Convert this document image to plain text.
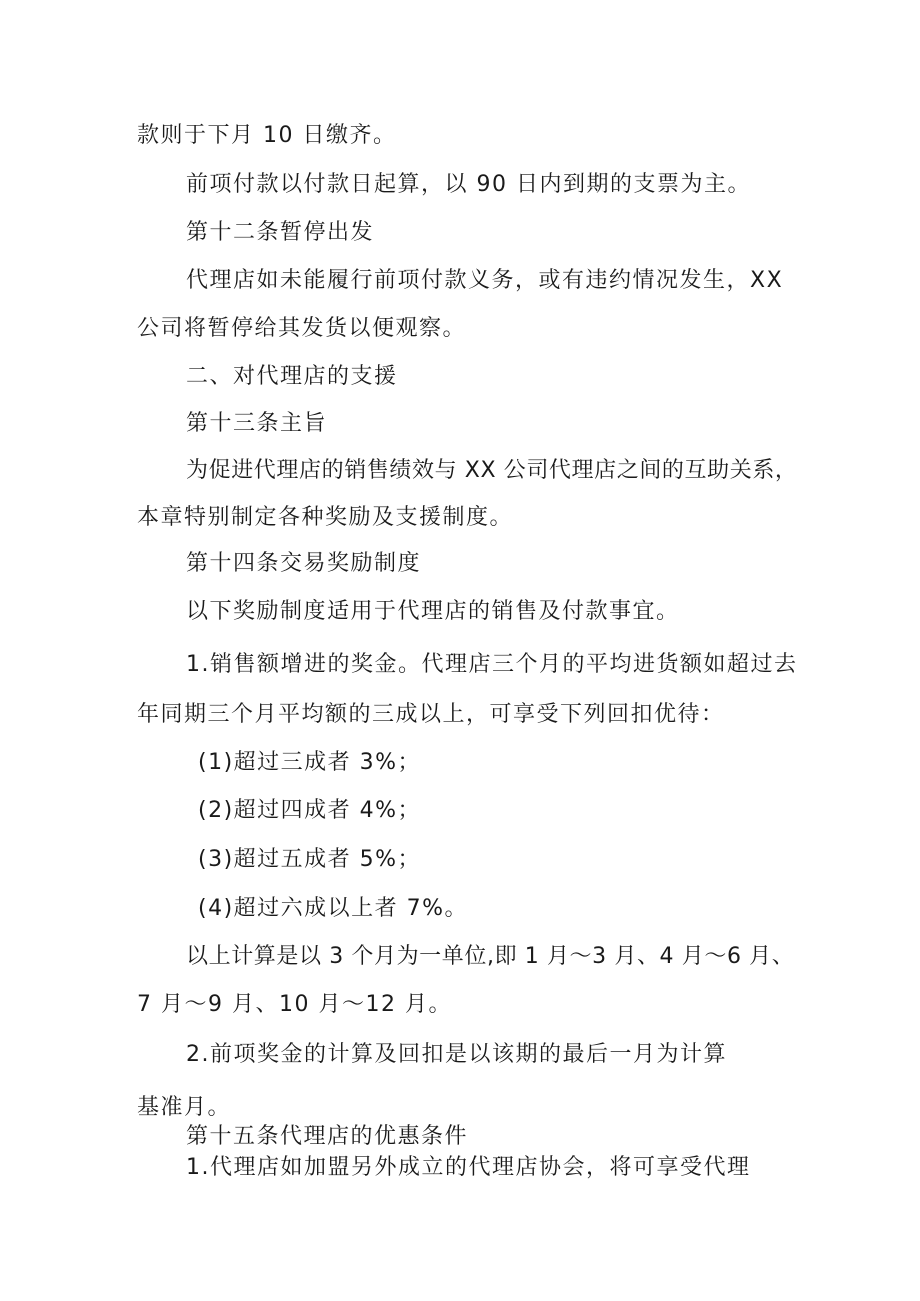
款则于下月 10 日缴齐。

前项付款以付款日起算，以 90 日内到期的支票为主。

第十二条暂停出发

代理店如未能履行前项付款义务，或有违约情况发生，XX

公司将暂停给其发货以便观察。

二、对代理店的支援

第十三条主旨

为促进代理店的销售绩效与 XX 公司代理店之间的互助关系，

本章特别制定各种奖励及支援制度。

第十四条交易奖励制度

以下奖励制度适用于代理店的销售及付款事宜。

1.销售额增进的奖金。代理店三个月的平均进货额如超过去

年同期三个月平均额的三成以上，可享受下列回扣优待：

(1)超过三成者 3%；

(2)超过四成者 4%；

(3)超过五成者 5%；

(4)超过六成以上者 7%。

以上计算是以 3 个月为一单位,即 1 月～3 月、4 月～6 月、

7 月～9 月、10 月～12 月。

2.前项奖金的计算及回扣是以该期的最后一月为计算

基准月。

第十五条代理店的优惠条件

1.代理店如加盟另外成立的代理店协会，将可享受代理
